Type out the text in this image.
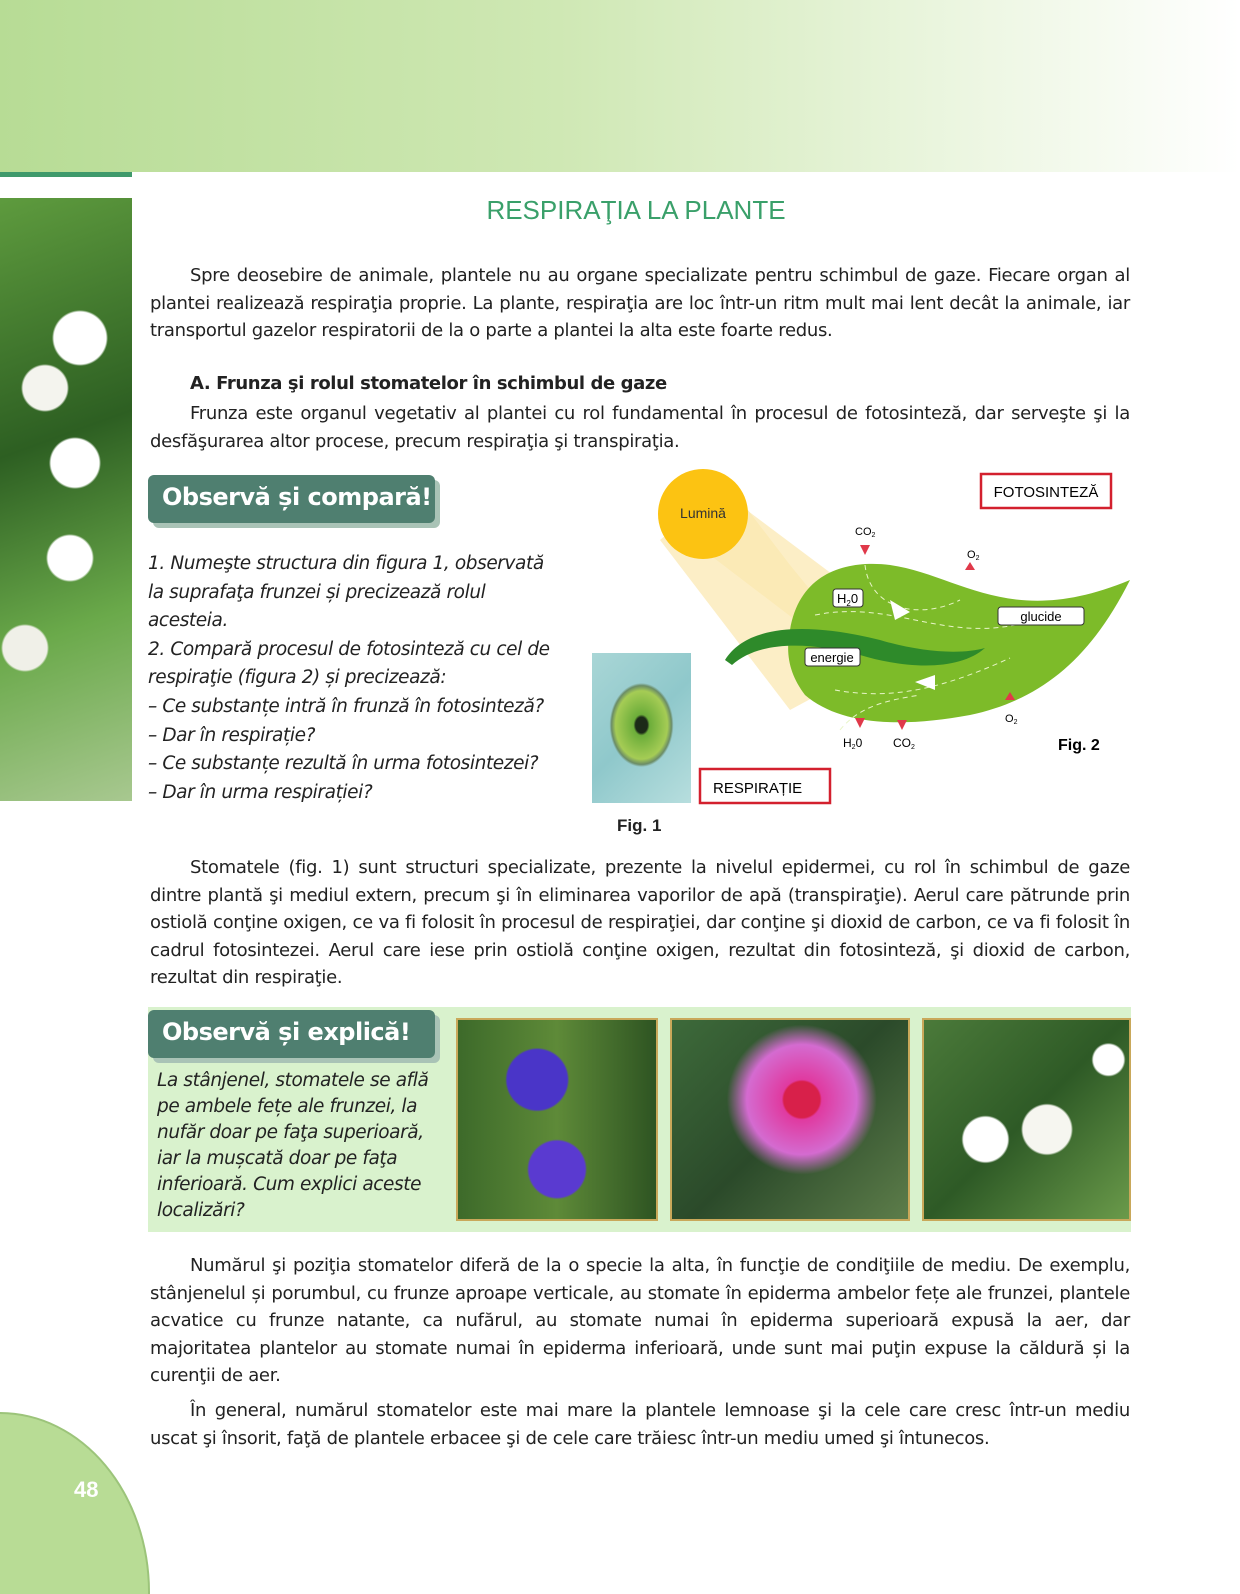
RESPIRAŢIA LA PLANTE

Spre deosebire de animale, plantele nu au organe specializate pentru schimbul de gaze. Fiecare organ al plantei realizează respiraţia proprie. La plante, respiraţia are loc într-un ritm mult mai lent decât la animale, iar transportul gazelor respiratorii de la o parte a plantei la alta este foarte redus.

A. Frunza şi rolul stomatelor în schimbul de gaze

Frunza este organul vegetativ al plantei cu rol fundamental în procesul de fotosinteză, dar serveşte şi la desfăşurarea altor procese, precum respiraţia şi transpiraţia.

Observă și compară!
1. Numeşte structura din figura 1, observată
la suprafaţa frunzei și precizează rolul
acesteia.
2. Compară procesul de fotosinteză cu cel de
respiraţie (figura 2) și precizează:
– Ce substanțe intră în frunză în fotosinteză?
– Dar în respirație?
– Ce substanțe rezultă în urma fotosintezei?
– Dar în urma respirației?
Fig. 1
Lumină
glucide
energie
$H_20$
CO2
O2
H20	CO2
O2
FOTOSINTEZĂ
RESPIRAȚIE
Fig. 2

Stomatele (fig. 1) sunt structuri specializate, prezente la nivelul epidermei, cu rol în schimbul de gaze dintre plantă şi mediul extern, precum şi în eliminarea vaporilor de apă (transpiraţie). Aerul care pătrunde prin ostiolă conţine oxigen, ce va fi folosit în procesul de respiraţiei, dar conţine şi dioxid de carbon, ce va fi folosit în cadrul fotosintezei. Aerul care iese prin ostiolă conţine oxigen, rezultat din fotosinteză, şi dioxid de carbon, rezultat din respiraţie.

Observă și explică!
La stânjenel, stomatele se află pe ambele fețe ale frunzei, la nufăr doar pe faţa superioară, iar la mușcată doar pe faţa inferioară. Cum explici aceste localizări?

Numărul şi poziţia stomatelor diferă de la o specie la alta, în funcţie de condiţiile de mediu. De exemplu, stânjenelul și porumbul, cu frunze aproape verticale, au stomate în epiderma ambelor fețe ale frunzei, plantele acvatice cu frunze natante, ca nufărul, au stomate numai în epiderma superioară expusă la aer, dar majoritatea plantelor au stomate numai în epiderma inferioară, unde sunt mai puţin expuse la căldură și la curenţii de aer.

În general, numărul stomatelor este mai mare la plantele lemnoase şi la cele care cresc într-un mediu uscat şi însorit, faţă de plantele erbacee şi de cele care trăiesc într-un mediu umed şi întunecos.

48
